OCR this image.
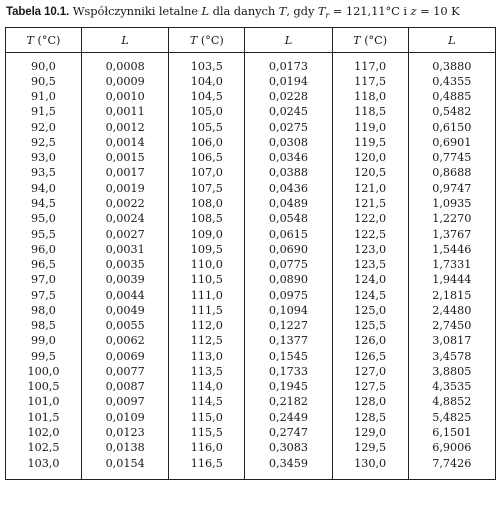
Tabela 10.1. Współczynniki letalne L dla danych T, gdy $T_r = 121,11^\circ C$ i z = 10 K
T (°C)	L	T (°C)	L	T (°C)	L
90,0	0,0008	103,5	0,0173	117,0	0,3880
90,5	0,0009	104,0	0,0194	117,5	0,4355
91,0	0,0010	104,5	0,0228	118,0	0,4885
91,5	0,0011	105,0	0,0245	118,5	0,5482
92,0	0,0012	105,5	0,0275	119,0	0,6150
92,5	0,0014	106,0	0,0308	119,5	0,6901
93,0	0,0015	106,5	0,0346	120,0	0,7745
93,5	0,0017	107,0	0,0388	120,5	0,8688
94,0	0,0019	107,5	0,0436	121,0	0,9747
94,5	0,0022	108,0	0,0489	121,5	1,0935
95,0	0,0024	108,5	0,0548	122,0	1,2270
95,5	0,0027	109,0	0,0615	122,5	1,3767
96,0	0,0031	109,5	0,0690	123,0	1,5446
96,5	0,0035	110,0	0,0775	123,5	1,7331
97,0	0,0039	110,5	0,0890	124,0	1,9444
97,5	0,0044	111,0	0,0975	124,5	2,1815
98,0	0,0049	111,5	0,1094	125,0	2,4480
98,5	0,0055	112,0	0,1227	125,5	2,7450
99,0	0,0062	112,5	0,1377	126,0	3,0817
99,5	0,0069	113,0	0,1545	126,5	3,4578
100,0	0,0077	113,5	0,1733	127,0	3,8805
100,5	0,0087	114,0	0,1945	127,5	4,3535
101,0	0,0097	114,5	0,2182	128,0	4,8852
101,5	0,0109	115,0	0,2449	128,5	5,4825
102,0	0,0123	115,5	0,2747	129,0	6,1501
102,5	0,0138	116,0	0,3083	129,5	6,9006
103,0	0,0154	116,5	0,3459	130,0	7,7426
